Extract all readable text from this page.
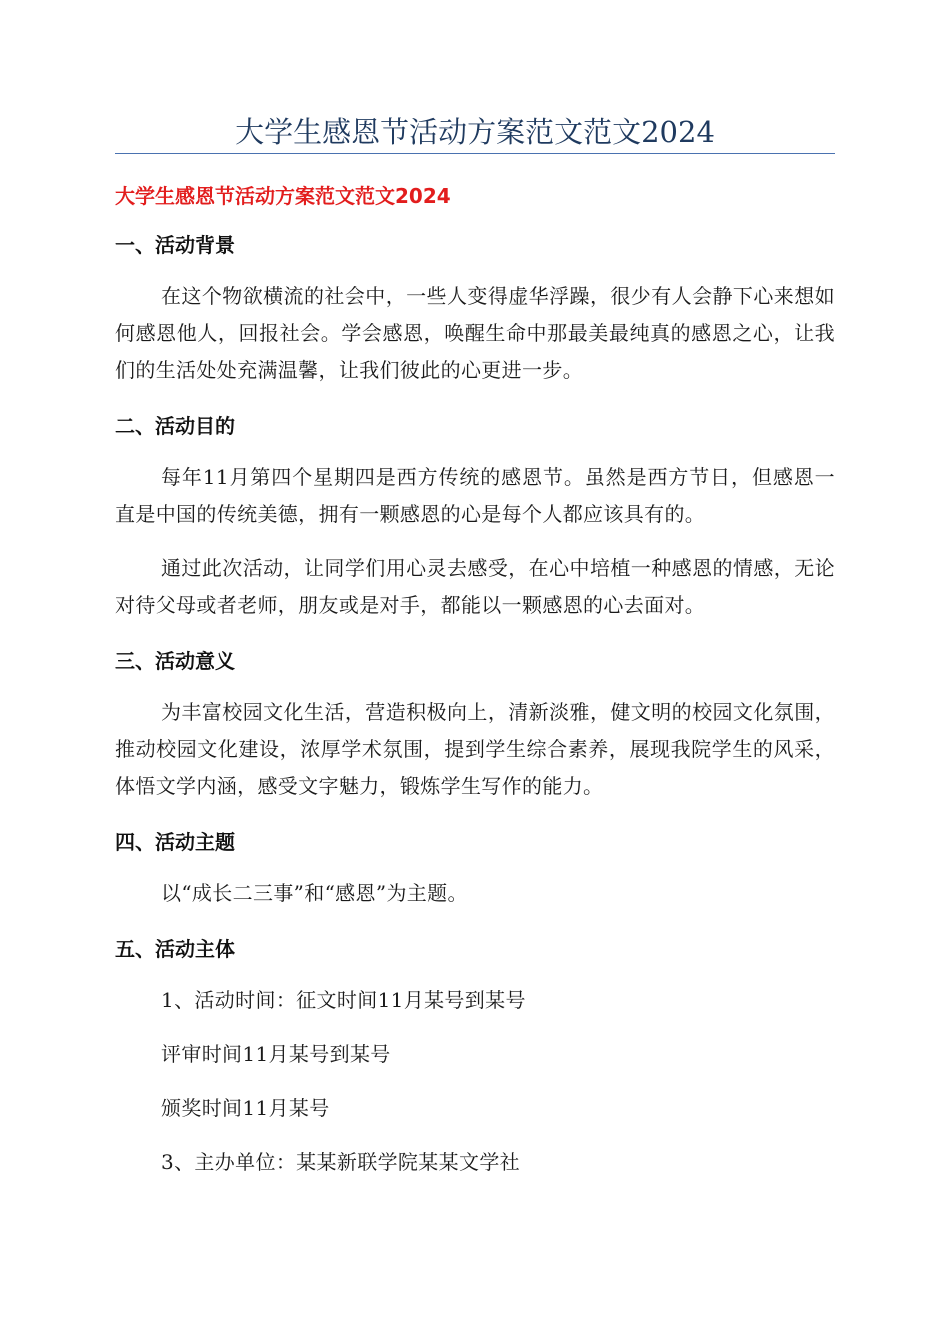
大学生感恩节活动方案范文范文2024
大学生感恩节活动方案范文范文2024
一、活动背景

在这个物欲横流的社会中，一些人变得虚华浮躁，很少有人会静下心来想如何感恩他人，回报社会。学会感恩，唤醒生命中那最美最纯真的感恩之心，让我们的生活处处充满温馨，让我们彼此的心更进一步。

二、活动目的

每年11月第四个星期四是西方传统的感恩节。虽然是西方节日，但感恩一直是中国的传统美德，拥有一颗感恩的心是每个人都应该具有的。

通过此次活动，让同学们用心灵去感受，在心中培植一种感恩的情感，无论对待父母或者老师，朋友或是对手，都能以一颗感恩的心去面对。

三、活动意义

为丰富校园文化生活，营造积极向上，清新淡雅，健文明的校园文化氛围，推动校园文化建设，浓厚学术氛围，提到学生综合素养，展现我院学生的风采，体悟文学内涵，感受文字魅力，锻炼学生写作的能力。

四、活动主题

以“成长二三事”和“感恩”为主题。

五、活动主体

1、活动时间：征文时间11月某号到某号

评审时间11月某号到某号

颁奖时间11月某号

3、主办单位：某某新联学院某某文学社
